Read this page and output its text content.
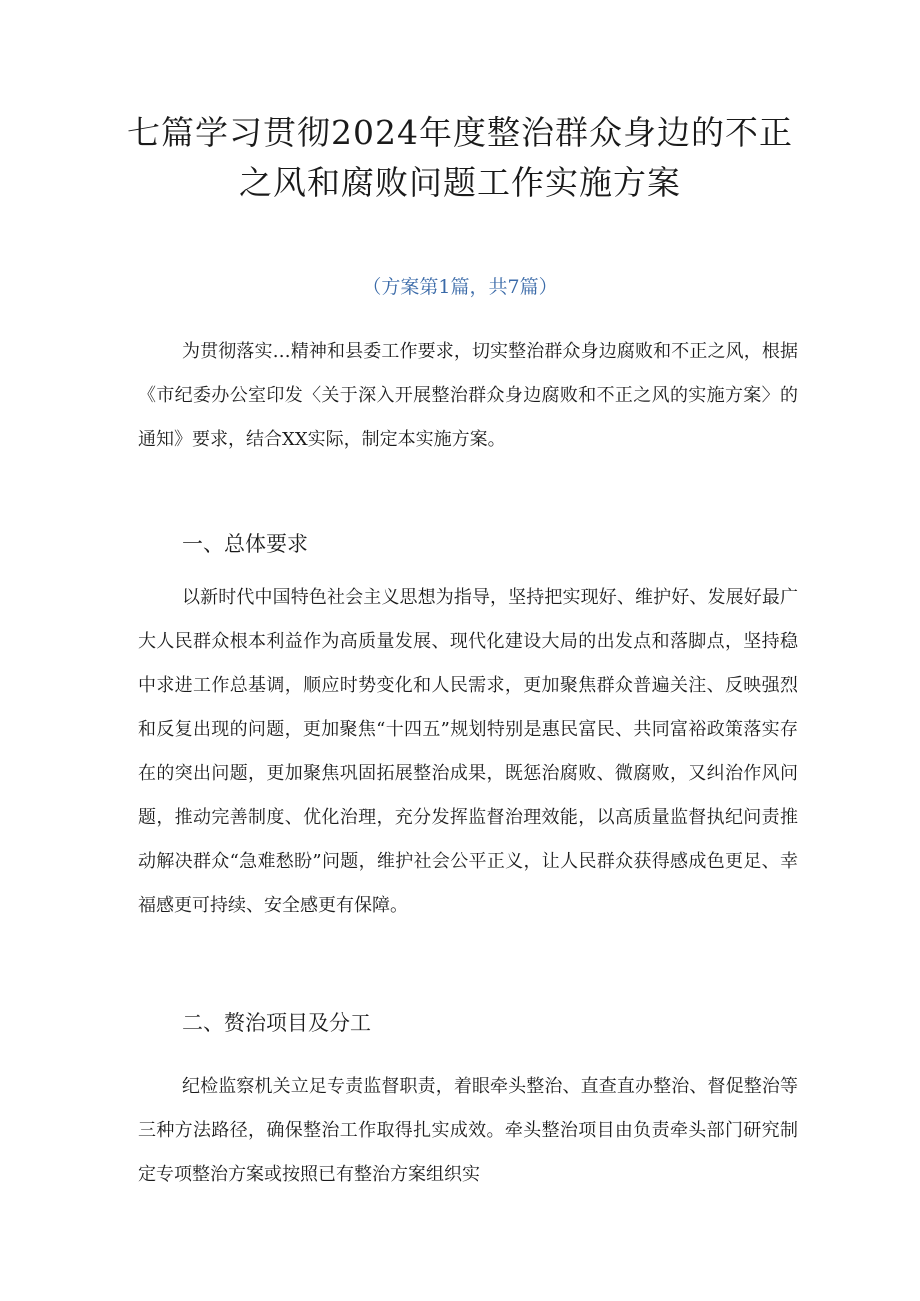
七篇学习贯彻2024年度整治群众身边的不正之风和腐败问题工作实施方案

（方案第1篇，共7篇）

为贯彻落实…精神和县委工作要求，切实整治群众身边腐败和不正之风，根据《市纪委办公室印发〈关于深入开展整治群众身边腐败和不正之风的实施方案〉的通知》要求，结合XX实际，制定本实施方案。

一、总体要求

以新时代中国特色社会主义思想为指导，坚持把实现好、维护好、发展好最广大人民群众根本利益作为高质量发展、现代化建设大局的出发点和落脚点，坚持稳中求进工作总基调，顺应时势变化和人民需求，更加聚焦群众普遍关注、反映强烈和反复出现的问题，更加聚焦“十四五”规划特别是惠民富民、共同富裕政策落实存在的突出问题，更加聚焦巩固拓展整治成果，既惩治腐败、微腐败，又纠治作风问题，推动完善制度、优化治理，充分发挥监督治理效能，以高质量监督执纪问责推动解决群众“急难愁盼”问题，维护社会公平正义，让人民群众获得感成色更足、幸福感更可持续、安全感更有保障。

二、赘治项目及分工

纪检监察机关立足专责监督职责，着眼牵头整治、直查直办整治、督促整治等三种方法路径，确保整治工作取得扎实成效。牵头整治项目由负责牵头部门研究制定专项整治方案或按照已有整治方案组织实
